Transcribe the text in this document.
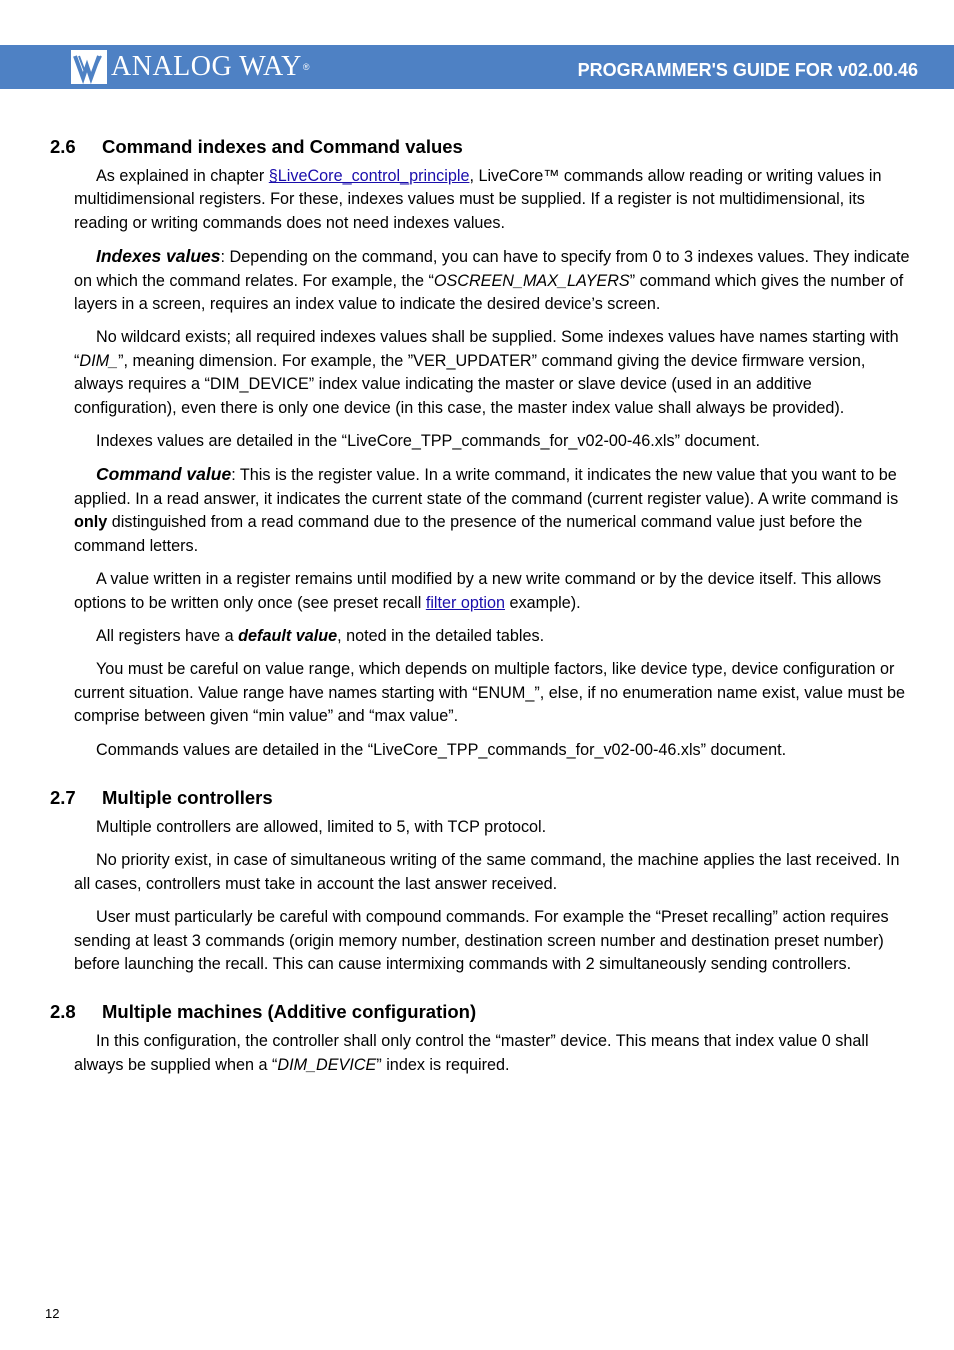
ANALOG WAY ®	PROGRAMMER'S GUIDE FOR v02.00.46
2.6	Command indexes and Command values

As explained in chapter §LiveCore_control_principle, LiveCore™ commands allow reading or writing values in multidimensional registers. For these, indexes values must be supplied. If a register is not multidimensional, its reading or writing commands does not need indexes values.

Indexes values: Depending on the command, you can have to specify from 0 to 3 indexes values. They indicate on which the command relates. For example, the “OSCREEN_MAX_LAYERS” command which gives the number of layers in a screen, requires an index value to indicate the desired device’s screen.

No wildcard exists; all required indexes values shall be supplied. Some indexes values have names starting with “DIM_”, meaning dimension. For example, the ”VER_UPDATER” command giving the device firmware version, always requires a “DIM_DEVICE” index value indicating the master or slave device (used in an additive configuration), even there is only one device (in this case, the master index value shall always be provided).

Indexes values are detailed in the “LiveCore_TPP_commands_for_v02-00-46.xls” document.

Command value: This is the register value. In a write command, it indicates the new value that you want to be applied. In a read answer, it indicates the current state of the command (current register value). A write command is only distinguished from a read command due to the presence of the numerical command value just before the command letters.

A value written in a register remains until modified by a new write command or by the device itself. This allows options to be written only once (see preset recall filter option example).

All registers have a default value, noted in the detailed tables.

You must be careful on value range, which depends on multiple factors, like device type, device configuration or current situation. Value range have names starting with “ENUM_”, else, if no enumeration name exist, value must be comprise between given “min value” and “max value”.

Commands values are detailed in the “LiveCore_TPP_commands_for_v02-00-46.xls” document.

2.7	Multiple controllers

Multiple controllers are allowed, limited to 5, with TCP protocol.

No priority exist, in case of simultaneous writing of the same command, the machine applies the last received. In all cases, controllers must take in account the last answer received.

User must particularly be careful with compound commands. For example the “Preset recalling” action requires sending at least 3 commands (origin memory number, destination screen number and destination preset number) before launching the recall. This can cause intermixing commands with 2 simultaneously sending controllers.

2.8	Multiple machines (Additive configuration)

In this configuration, the controller shall only control the “master” device. This means that index value 0 shall always be supplied when a “DIM_DEVICE” index is required.

12
